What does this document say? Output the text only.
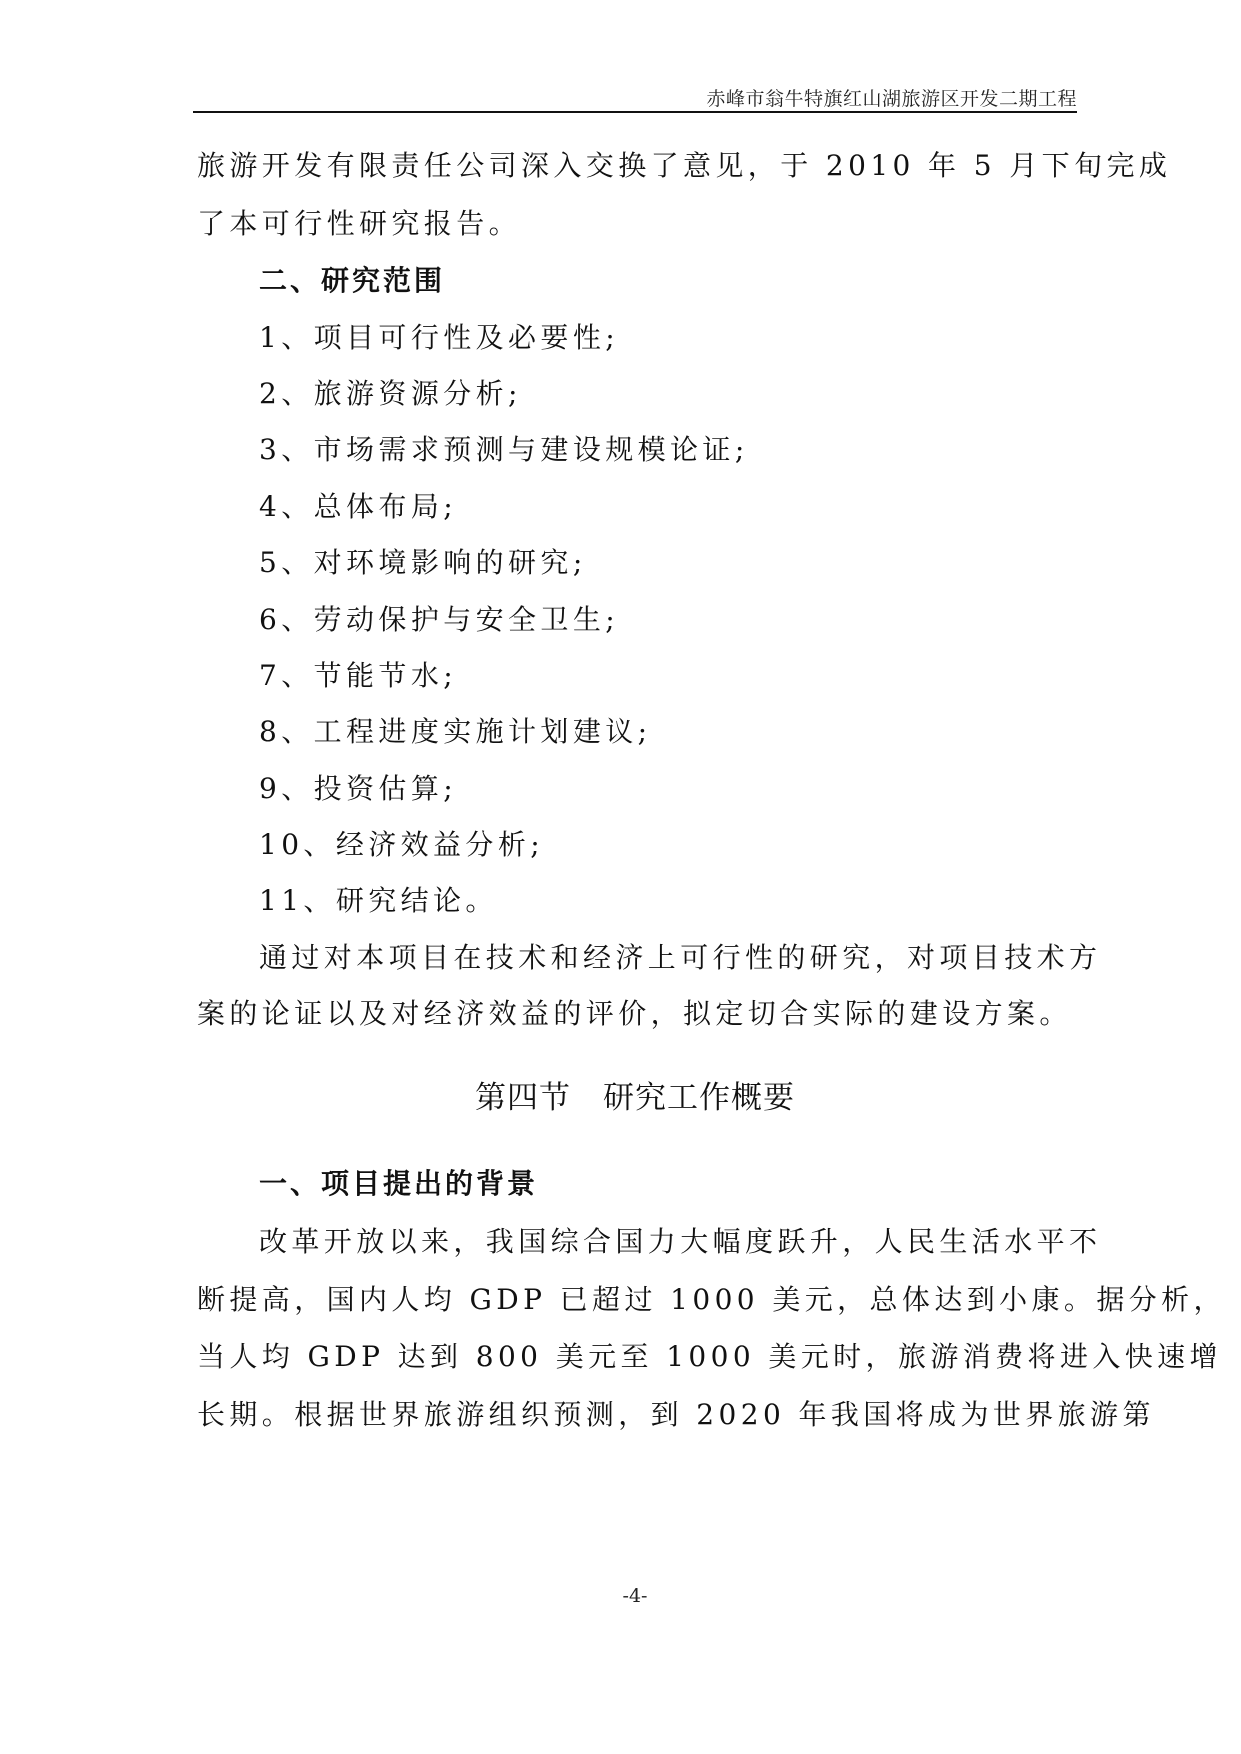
赤峰市翁牛特旗红山湖旅游区开发二期工程
旅游开发有限责任公司深入交换了意见，于 2010 年 5 月下旬完成
了本可行性研究报告。
二、研究范围
1、项目可行性及必要性;
2、旅游资源分析;
3、市场需求预测与建设规模论证;
4、总体布局;
5、对环境影响的研究;
6、劳动保护与安全卫生;
7、节能节水;
8、工程进度实施计划建议;
9、投资估算;
10、经济效益分析;
11、研究结论。
通过对本项目在技术和经济上可行性的研究，对项目技术方
案的论证以及对经济效益的评价，拟定切合实际的建设方案。
第四节　研究工作概要
一、项目提出的背景
改革开放以来，我国综合国力大幅度跃升，人民生活水平不
断提高，国内人均 GDP 已超过 1000 美元，总体达到小康。据分析，
当人均 GDP 达到 800 美元至 1000 美元时，旅游消费将进入快速增
长期。根据世界旅游组织预测，到 2020 年我国将成为世界旅游第
-4-
